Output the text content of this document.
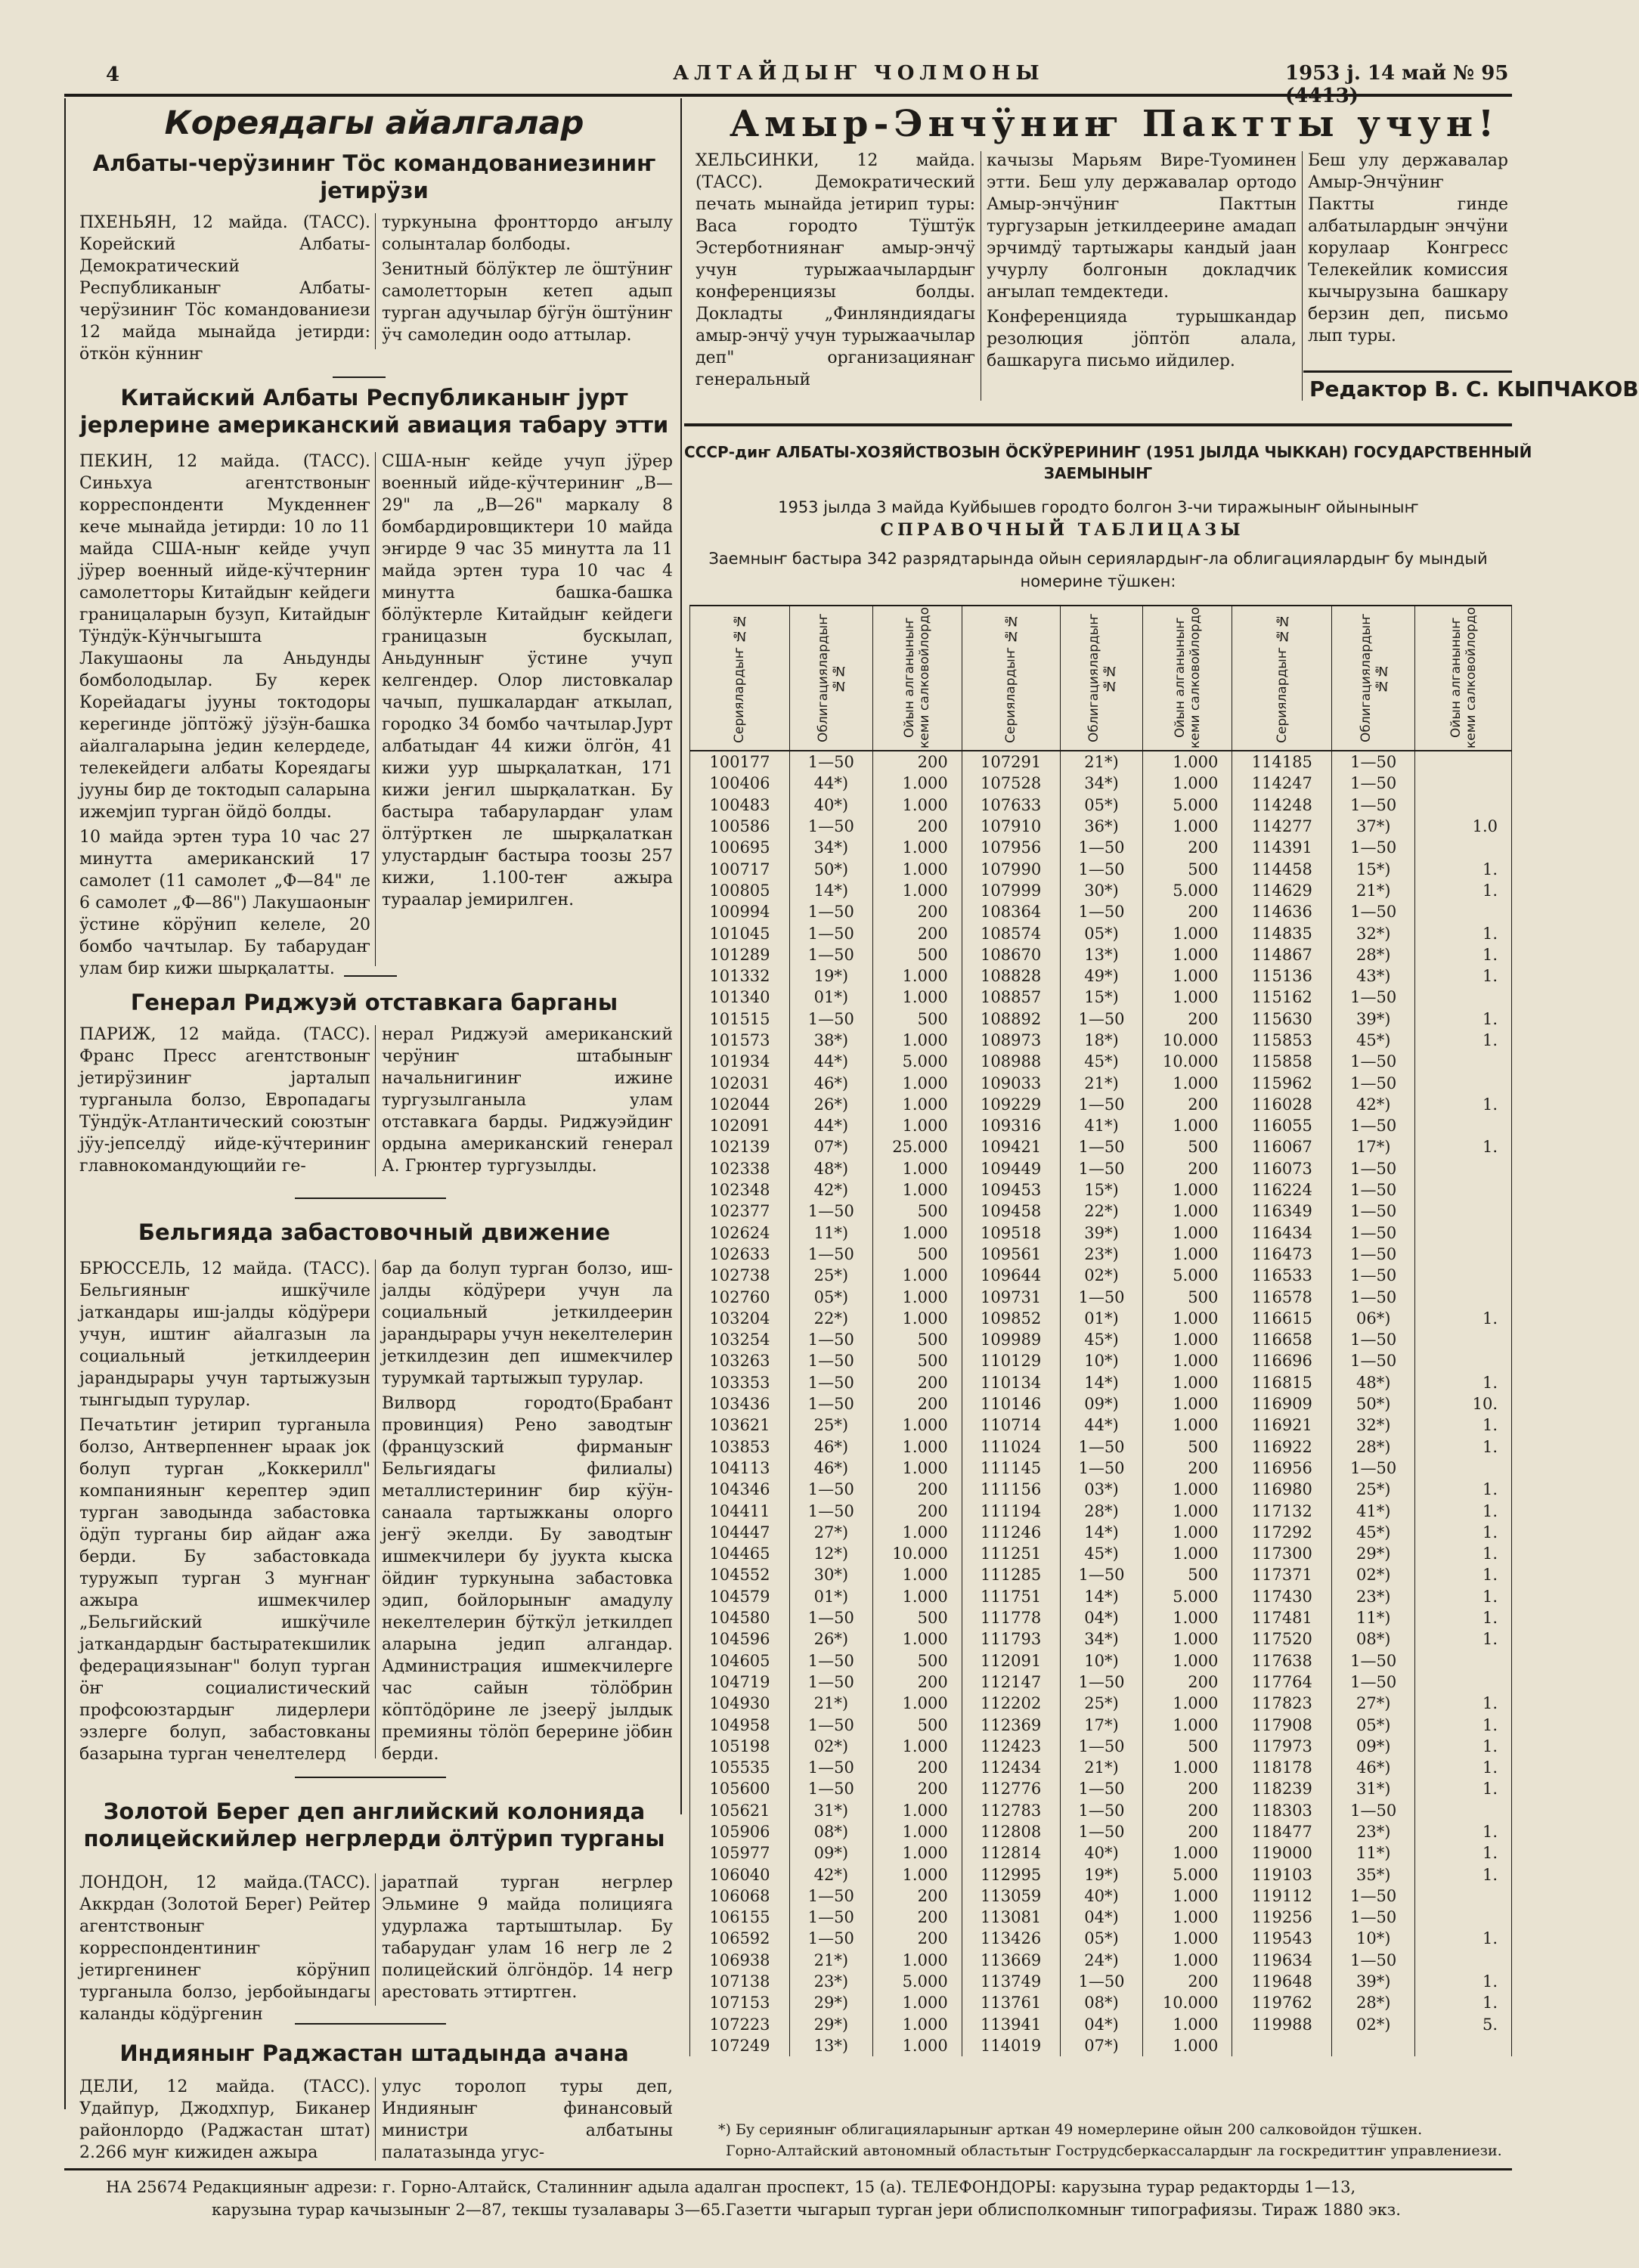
4	АЛТАЙДЫҤ ЧОЛМОНЫ	1953 ј. 14 май № 95
Кореядагы айалгалар
Албаты-черӱзиниҥ Тöс командованиезиниҥ јетирӱзи

ПХЕНЬЯН, 12 майда. (ТАСС). Корейский Албаты-Демократический Республиканыҥ Албаты-черӱзиниҥ Тöс командованиези 12 майда мынайда јетирди: öткöн кӱнниҥ

туркунына фронттордо аҥылу солынталар болбоды.

Зенитный бöлӱктер ле öштӱниҥ самолетторын кетеп адып турган адучылар бӱгӱн öштӱниҥ ӱч самоледин оодо аттылар.

Китайский Албаты Республиканыҥ јурт јерлерине американский авиация табару этти

ПЕКИН, 12 майда. (ТАСС). Синьхуа агентствоныҥ корреспонденти Мукденнеҥ кече мынайда јетирди: 10 ло 11 майда США-ныҥ кейде учуп јӱрер военный ийде-кӱчтерниҥ самолетторы Китайдыҥ кейдеги границаларын бузуп, Китайдыҥ Тӱндӱк-Кӱнчыгышта Лакушаоны ла Аньдунды бомболодылар. Бу керек Корейадагы јууны токтодоры керегинде јöптöжӱ јӱзӱн-башка айалгаларына једин келердеде, телекейдеги албаты Кореядагы јууны бир де токтодып саларына ижемjип турган öйдö болды.

10 майда эртен тура 10 час 27 минутта американский 17 самолет (11 самолет „Ф—84" ле 6 самолет „Ф—86") Лакушаоныҥ ӱстине кöрӱнип келеле, 20 бомбо чачтылар. Бу табарудаҥ улам бир кижи шырқалатты.

США-ныҥ кейде учуп јӱрер военный ийде-кӱчтериниҥ „В—29" ла „В—26" маркалу 8 бомбардировщиктери 10 майда эҥирде 9 час 35 минутта ла 11 майда эртен тура 10 час 4 минутта башка-башка бöлӱктерле Китайдыҥ кейдеги границазын бускылап, Аньдунныҥ ӱстине учуп келгендер. Олор листовкалар чачып, пушкалардаҥ аткылап, городко 34 бомбо чачтылар.Јурт албатыдаҥ 44 кижи öлгöн, 41 кижи уур шырқалаткан, 171 кижи јеҥил шырқалаткан. Бу бастыра табарулардаҥ улам öлтӱрткен ле шырқалаткан улустардыҥ бастыра тоозы 257 кижи, 1.100-теҥ ажыра тураалар јемирилген.

Генерал Риджуэй отставкага барганы

ПАРИЖ, 12 майда. (ТАСС). Франс Пресс агентствоныҥ јетирӱзиниҥ јарталып турганыла болзо, Европадагы Тӱндӱк-Атлантический союзтыҥ јӱу-јепселдӱ ийде-кӱчтериниҥ главнокомандующийи ге-

нерал Риджуэй американский черӱниҥ штабыныҥ начальнигиниҥ ижине тургузылганыла улам отставкага барды. Риджуэйдиҥ ордына американский генерал А. Грюнтер тургузылды.

Бельгияда забастовочный движение

БРЮССЕЛЬ, 12 майда. (ТАСС). Бельгияныҥ ишкӱчиле јаткандары иш-јалды кöдӱрери учун, иштиҥ айалгазын ла социальный јеткилдеерин јарандырары учун тартыжузын тынгыдып турулар.

Печатьтиҥ јетирип турганыла болзо, Антверпеннеҥ ыраак јок болуп турган „Коккерилл" компанияныҥ керептер эдип турган заводында забастовка öдӱп турганы бир айдаҥ ажа берди. Бу забастовкада туружып турган 3 муҥнаҥ ажыра ишмекчилер „Бельгийский ишкӱчиле јаткандардыҥ бастыратекшилик федерациязынаҥ" болуп турган öҥ социалистический профсоюзтардыҥ лидерлери эзлерге болуп, забастовканы базарына турган ченелтелерд

бар да болуп турган болзо, иш-јалды кöдӱрери учун ла социальный јеткилдеерин јарандырары учун некелтелерин јеткилдезин деп ишмекчилер турумкай тартыжып турулар.

Вилворд городто(Брабант провинция) Рено заводтыҥ (французский фирманыҥ Бельгиядагы филиалы) металлистериниҥ бир кӱӱн-санаала тартыжканы олорго јеҥӱ экелди. Бу заводтыҥ ишмекчилери бу јуукта кыска öйдиҥ туркунына забастовка эдип, бойлорыныҥ амадулу некелтелерин бӱткӱл јеткилдеп аларына једип алгандар. Администрация ишмекчилерге час сайын тöлöбрин кöптöдöрине ле јзеерӱ јылдык премияны тöлöп берерине јöбин берди.

Золотой Берег деп английский колонияда полицейскийлер негрлерди öлтӱрип турганы

ЛОНДОН, 12 майда.(ТАСС). Аккрдан (Золотой Берег) Рейтер агентствоныҥ корреспондентиниҥ јетиргенинеҥ кöрӱнип турганыла болзо, јербойындагы каланды кöдӱргенин

јаратпай турган негрлер Эльмине 9 майда полицияга удурлажа тартыштылар. Бу табарудаҥ улам 16 негр ле 2 полицейский öлгöндöр. 14 негр арестовать эттиртген.

Индияныҥ Раджастан штадында ачана

ДЕЛИ, 12 майда. (ТАСС). Удайпур, Джодхпур, Биканер районлордо (Раджастан штат) 2.266 муҥ кижиден ажыра

улус торолоп туры деп, Индияныҥ финансовый министри албатыны палатазында угус-

Амыр-Энчӱниҥ Пактты учун!

ХЕЛЬСИНКИ, 12 майда. (ТАСС). Демократический печать мынайда јетирип туры: Васа городто Тӱштӱк Эстерботниянаҥ амыр-энчӱ учун турыжаачылардыҥ конференциязы болды. Докладты „Финляндиядагы амыр-энчӱ учун турыжаачылар деп" организациянаҥ генеральный

качызы Марьям Вире-Туоминен этти. Беш улу державалар ортодо Амыр-энчӱниҥ Пакттын тургузарын јеткилдеерине амадап эрчимдӱ тартыжары кандый јаан учурлу болгонын докладчик аҥылап темдектеди.

Конференцияда турышкандар резолюция јöптöп алала, башкаруга письмо ийдилер.

Беш улу державалар Амыр-Энчӱниҥ Пактты гинде албатылардыҥ энчӱни корулаар Конгресс Телекейлик комиссия кычырузына башкару берзин деп, письмо лып туры.

Редактор В. С. КЫПЧАКОВ
СССР-диҥ АЛБАТЫ-ХОЗЯЙСТВОЗЫН ÖСКӰРЕРИНИҤ (1951 ЈЫЛДА ЧЫККАН) ГОСУДАРСТВЕННЫЙ
ЗАЕМЫНЫҤ
1953 јылда 3 майда Куйбышев городто болгон 3-чи тиражыныҥ ойыныныҥ
СПРАВОЧНЫЙ ТАБЛИЦАЗЫ
Заемныҥ бастыра 342 разрядтарында ойын сериялардыҥ-ла облигациялардыҥ бу мындый
номерине тӱшкен:
Сериялардыҥ №№	Облигациялардыҥ №№	Ойын алганыныҥ кеми салковойлордо	Сериялардыҥ №№	Облигациялардыҥ №№	Ойын алганыныҥ кеми салковойлордо	Сериялардыҥ №№	Облигациялардыҥ №№	Ойын алганыныҥ кеми салковойлордо

100177	1—50	200	107291	21*)	1.000	114185	1—50	
100406	44*)	1.000	107528	34*)	1.000	114247	1—50	
100483	40*)	1.000	107633	05*)	5.000	114248	1—50	
100586	1—50	200	107910	36*)	1.000	114277	37*)	1.0
100695	34*)	1.000	107956	1—50	200	114391	1—50	
100717	50*)	1.000	107990	1—50	500	114458	15*)	1.
100805	14*)	1.000	107999	30*)	5.000	114629	21*)	1.
100994	1—50	200	108364	1—50	200	114636	1—50	
101045	1—50	200	108574	05*)	1.000	114835	32*)	1.
101289	1—50	500	108670	13*)	1.000	114867	28*)	1.
101332	19*)	1.000	108828	49*)	1.000	115136	43*)	1.
101340	01*)	1.000	108857	15*)	1.000	115162	1—50	
101515	1—50	500	108892	1—50	200	115630	39*)	1.
101573	38*)	1.000	108973	18*)	10.000	115853	45*)	1.
101934	44*)	5.000	108988	45*)	10.000	115858	1—50	
102031	46*)	1.000	109033	21*)	1.000	115962	1—50	
102044	26*)	1.000	109229	1—50	200	116028	42*)	1.
102091	44*)	1.000	109316	41*)	1.000	116055	1—50	
102139	07*)	25.000	109421	1—50	500	116067	17*)	1.
102338	48*)	1.000	109449	1—50	200	116073	1—50	
102348	42*)	1.000	109453	15*)	1.000	116224	1—50	
102377	1—50	500	109458	22*)	1.000	116349	1—50	
102624	11*)	1.000	109518	39*)	1.000	116434	1—50	
102633	1—50	500	109561	23*)	1.000	116473	1—50	
102738	25*)	1.000	109644	02*)	5.000	116533	1—50	
102760	05*)	1.000	109731	1—50	500	116578	1—50	
103204	22*)	1.000	109852	01*)	1.000	116615	06*)	1.
103254	1—50	500	109989	45*)	1.000	116658	1—50	
103263	1—50	500	110129	10*)	1.000	116696	1—50	
103353	1—50	200	110134	14*)	1.000	116815	48*)	1.
103436	1—50	200	110146	09*)	1.000	116909	50*)	10.
103621	25*)	1.000	110714	44*)	1.000	116921	32*)	1.
103853	46*)	1.000	111024	1—50	500	116922	28*)	1.
104113	46*)	1.000	111145	1—50	200	116956	1—50	
104346	1—50	200	111156	03*)	1.000	116980	25*)	1.
104411	1—50	200	111194	28*)	1.000	117132	41*)	1.
104447	27*)	1.000	111246	14*)	1.000	117292	45*)	1.
104465	12*)	10.000	111251	45*)	1.000	117300	29*)	1.
104552	30*)	1.000	111285	1—50	500	117371	02*)	1.
104579	01*)	1.000	111751	14*)	5.000	117430	23*)	1.
104580	1—50	500	111778	04*)	1.000	117481	11*)	1.
104596	26*)	1.000	111793	34*)	1.000	117520	08*)	1.
104605	1—50	500	112091	10*)	1.000	117638	1—50	
104719	1—50	200	112147	1—50	200	117764	1—50	
104930	21*)	1.000	112202	25*)	1.000	117823	27*)	1.
104958	1—50	500	112369	17*)	1.000	117908	05*)	1.
105198	02*)	1.000	112423	1—50	500	117973	09*)	1.
105535	1—50	200	112434	21*)	1.000	118178	46*)	1.
105600	1—50	200	112776	1—50	200	118239	31*)	1.
105621	31*)	1.000	112783	1—50	200	118303	1—50	
105906	08*)	1.000	112808	1—50	200	118477	23*)	1.
105977	09*)	1.000	112814	40*)	1.000	119000	11*)	1.
106040	42*)	1.000	112995	19*)	5.000	119103	35*)	1.
106068	1—50	200	113059	40*)	1.000	119112	1—50	
106155	1—50	200	113081	04*)	1.000	119256	1—50	
106592	1—50	200	113426	05*)	1.000	119543	10*)	1.
106938	21*)	1.000	113669	24*)	1.000	119634	1—50	
107138	23*)	5.000	113749	1—50	200	119648	39*)	1.
107153	29*)	1.000	113761	08*)	10.000	119762	28*)	1.
107223	29*)	1.000	113941	04*)	1.000	119988	02*)	5.
107249	13*)	1.000	114019	07*)	1.000			
*) Бу серияныҥ облигацияларыныҥ арткан 49 номерлерине ойын 200 салковойдон тӱшкен.
Горно-Алтайский автономный областьтыҥ Гострудсберкассалардыҥ ла госкредиттиҥ управлениези.
НА 25674 Редакцияныҥ адрези: г. Горно-Алтайск, Сталинниҥ адыла адалган проспект, 15 (а). ТЕЛЕФОНДОРЫ: карузына турар редакторды 1—13,
карузына турар качызыныҥ 2—87, текшы тузалавары 3—65.Газетти чыгарып турган јери облисполкомныҥ типографиязы. Тираж 1880 экз.
